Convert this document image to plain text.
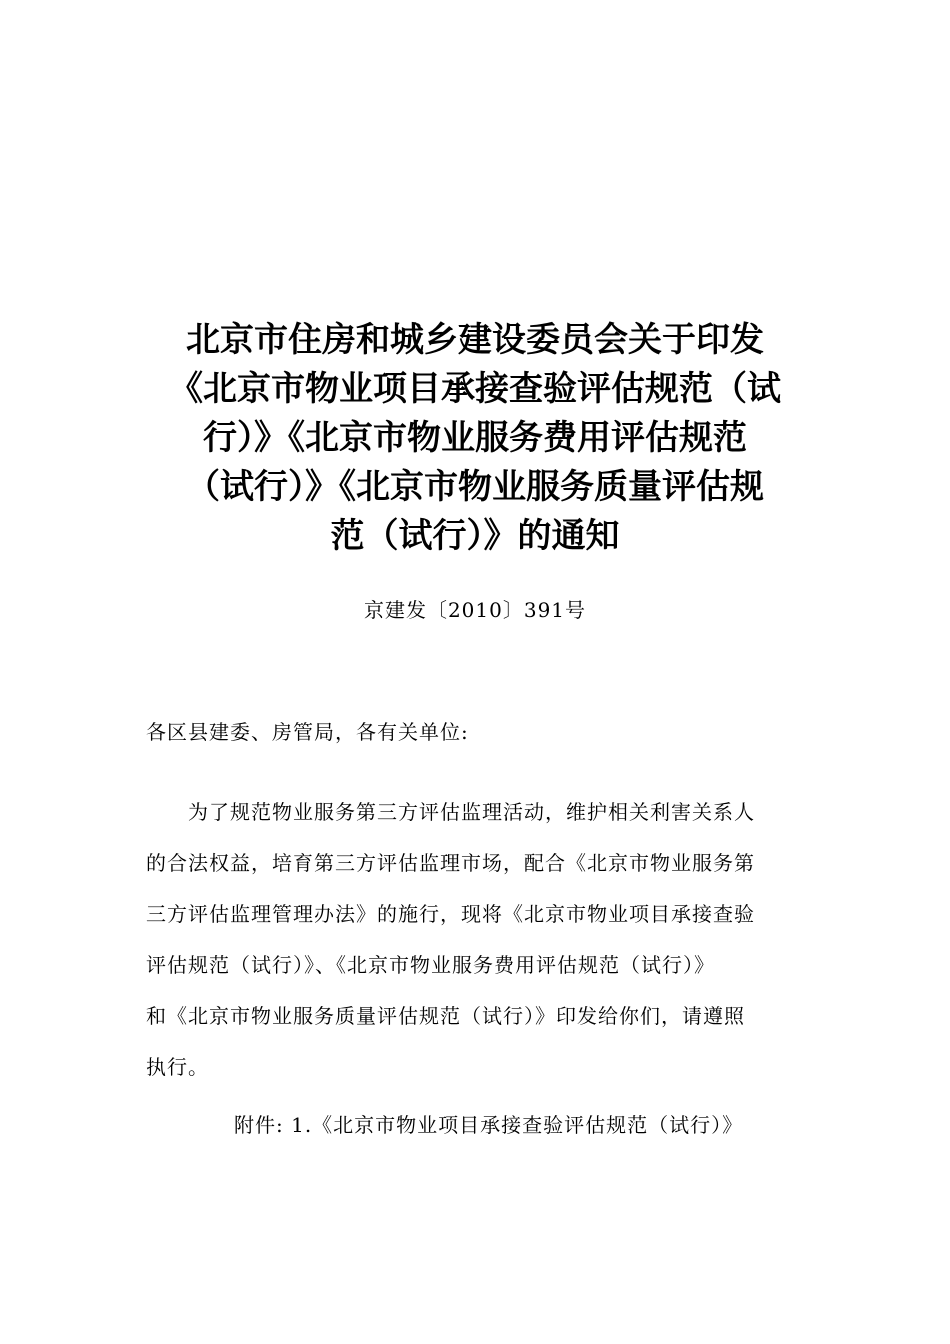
北京市住房和城乡建设委员会关于印发
《北京市物业项目承接查验评估规范（试
行）》《北京市物业服务费用评估规范
（试行）》《北京市物业服务质量评估规
范（试行）》的通知
京建发〔2010〕391号
各区县建委、房管局，各有关单位:
　　为了规范物业服务第三方评估监理活动，维护相关利害关系人
的合法权益，培育第三方评估监理市场，配合《北京市物业服务第
三方评估监理管理办法》的施行，现将《北京市物业项目承接查验
评估规范（试行）》、《北京市物业服务费用评估规范（试行）》
和《北京市物业服务质量评估规范（试行）》印发给你们，请遵照
执行。
附件: 1.《北京市物业项目承接查验评估规范（试行）》
